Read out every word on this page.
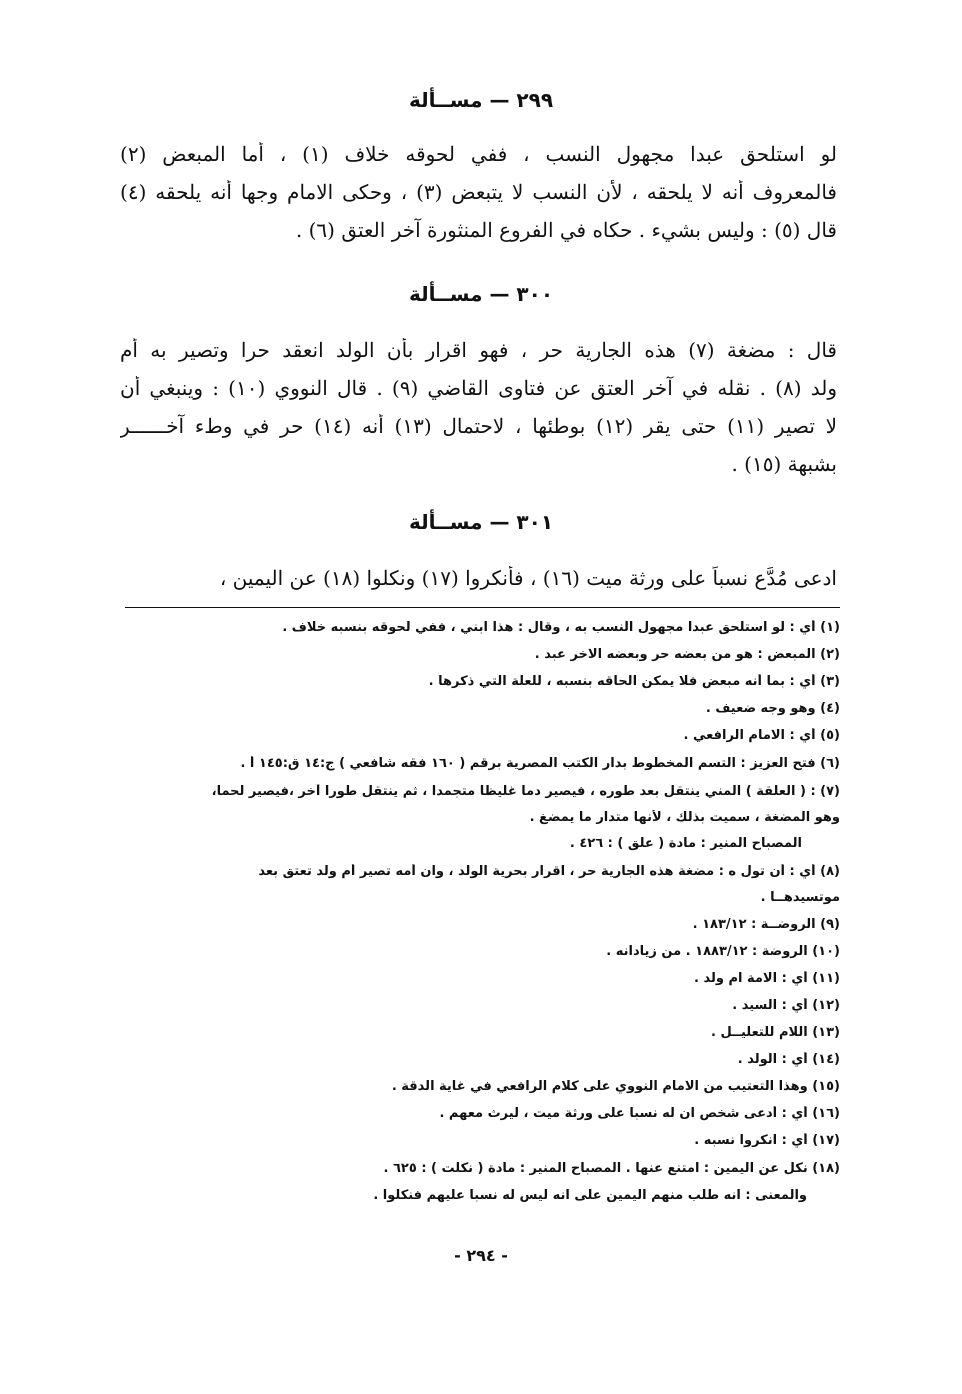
٢٩٩ — مســألة
لو استلحق عبدا مجهول النسب ، ففي لحوقه خلاف (١) ، أما المبعض (٢)
فالمعروف أنه لا يلحقه ، لأن النسب لا يتبعض (٣) ، وحكى الامام وجها أنه يلحقه (٤)
قال (٥) : وليس بشيء . حكاه في الفروع المنثورة آخر العتق (٦) .
٣٠٠ — مســألة
قال : مضغة (٧) هذه الجارية حر ، فهو اقرار بأن الولد انعقد حرا وتصير به أم
ولد (٨) . نقله في آخر العتق عن فتاوى القاضي (٩) . قال النووي (١٠) : وينبغي أن
لا تصير (١١) حتى يقر (١٢) بوطئها ، لاحتمال (١٣) أنه (١٤) حر في وطء آخــــــر
بشبهة (١٥) .
٣٠١ — مســألة
ادعى مُدَّعٍ نسباً على ورثة ميت (١٦) ، فأنكروا (١٧) ونكلوا (١٨) عن اليمين ،
(١) أي : لو استلحق عبدا مجهول النسب به ، وقال : هذا ابني ، ففي لحوقه بنسبه خلاف .
(٢) المبعض : هو من بعضه حر وبعضه الاخر عبد .
(٣) أي : بما أنه مبعض فلا يمكن الحاقه بنسبه ، للعلة التي ذكرها .
(٤) وهو وجه ضعيف .
(٥) أي : الامام الرافعي .
(٦) فتح العزيز : التسم المخطوط بدار الكتب المصرية برقم ( ١٦٠ فقه شافعي ) ج:١٤ ق:١٤٥ أ .
(٧) : ( العلقة ) المني ينتقل بعد طوره ، فيصير دما غليظا متجمدا ، ثم ينتقل طورا آخر ،فيصير لحما،
وهو المضغة ، سميت بذلك ، لأنها متدار ما يمضغ .
المصباح المنير : مادة ( علق ) : ٤٢٦ .
(٨) أي : أن تول ه : مضغة هذه الجارية حر ، اقرار بحرية الولد ، وان أمه تصير أم ولد تعتق بعد
موتسيدهــا .
(٩) الروضــة : ١٨٣/١٢ .
(١٠) الروضة : ١٨٨٣/١٢ . من زيادانه .
(١١) أي : الامة ام ولد .
(١٢) أي : السيد .
(١٣) اللام للتعليــل .
(١٤) أي : الولد .
(١٥) وهذا التعتيب من الامام النووي على كلام الرافعي في غاية الدقة .
(١٦) أي : أدعى شخص ان له نسبا على ورثة ميت ، ليرث معهم .
(١٧) أي : انكروا نسبه .
(١٨) نكل عن اليمين : امتنع عنها . المصباح المنير : مادة ( نكلت ) : ٦٢٥ .
والمعنى : انه طلب منهم اليمين على انه ليس له نسبا عليهم فنكلوا .
- ٢٩٤ -
